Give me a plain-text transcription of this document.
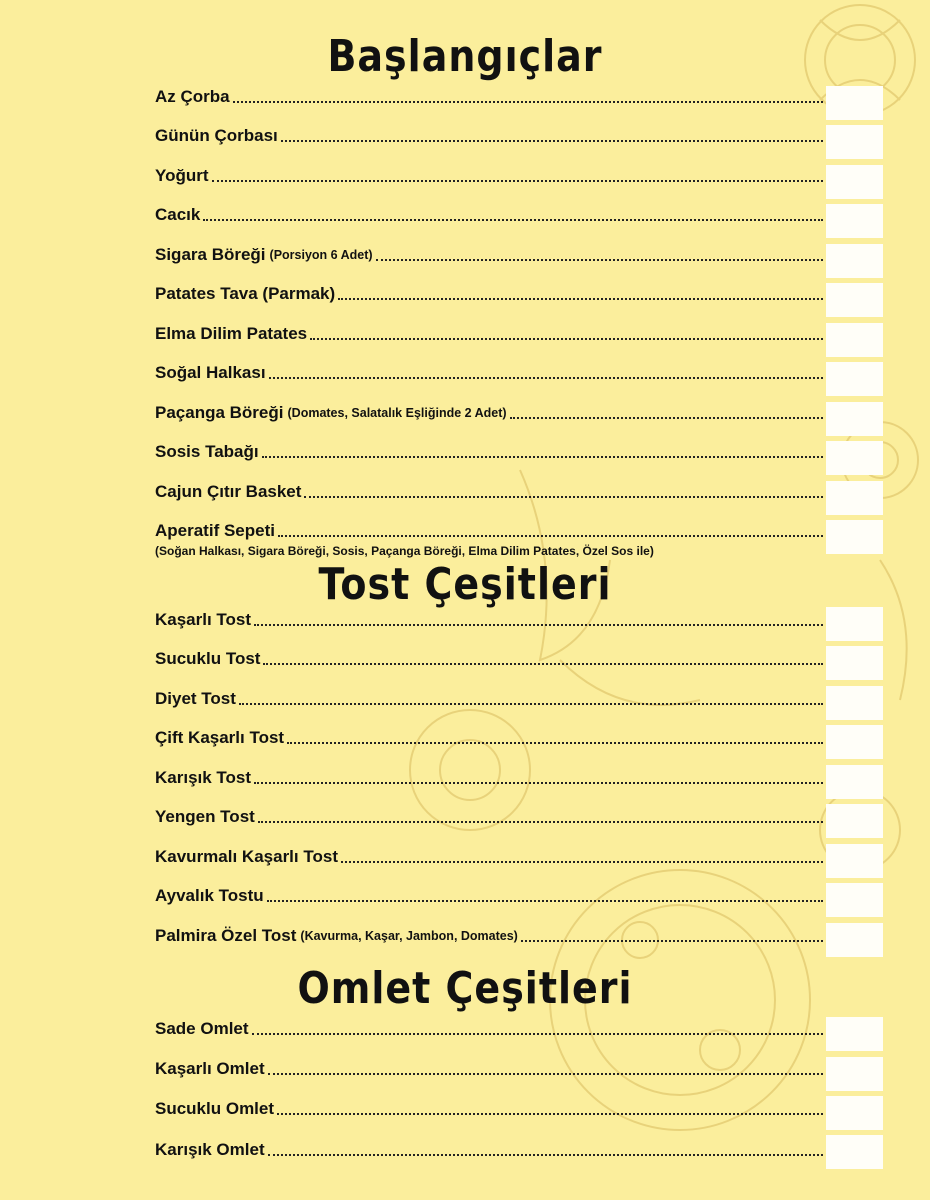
Başlangıçlar
Az Çorba
Günün Çorbası
Yoğurt
Cacık
Sigara Böreği (Porsiyon 6 Adet)
Patates Tava (Parmak)
Elma Dilim Patates
Soğal Halkası
Paçanga Böreği (Domates, Salatalık Eşliğinde 2 Adet)
Sosis Tabağı
Cajun Çıtır Basket
Aperatif Sepeti
(Soğan Halkası, Sigara Böreği, Sosis, Paçanga Böreği, Elma Dilim Patates, Özel Sos ile)
Tost Çeşitleri
Kaşarlı Tost
Sucuklu Tost
Diyet Tost
Çift Kaşarlı Tost
Karışık Tost
Yengen Tost
Kavurmalı Kaşarlı Tost
Ayvalık Tostu
Palmira Özel Tost (Kavurma, Kaşar, Jambon, Domates)
Omlet Çeşitleri
Sade Omlet
Kaşarlı Omlet
Sucuklu Omlet
Karışık Omlet
